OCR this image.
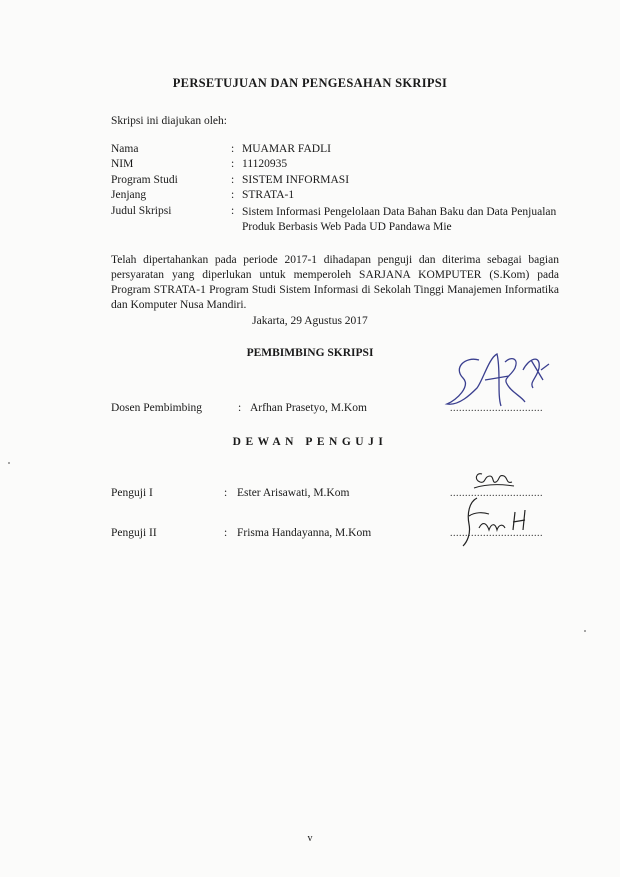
PERSETUJUAN DAN PENGESAHAN SKRIPSI
Skripsi ini diajukan oleh:
Nama	: MUAMAR FADLI
NIM	: 11120935
Program Studi	: SISTEM INFORMASI
Jenjang	: STRATA-1
Judul Skripsi	: Sistem Informasi Pengelolaan Data Bahan Baku dan Data Penjualan Produk Berbasis Web Pada UD Pandawa Mie
Telah dipertahankan pada periode 2017-1 dihadapan penguji dan diterima sebagai bagian persyaratan yang diperlukan untuk memperoleh SARJANA KOMPUTER (S.Kom) pada Program STRATA-1 Program Studi Sistem Informasi di Sekolah Tinggi Manajemen Informatika dan Komputer Nusa Mandiri.
Jakarta, 29 Agustus 2017
PEMBIMBING SKRIPSI
Dosen Pembimbing	: Arfhan Prasetyo, M.Kom	...............................
DEWAN PENGUJI
Penguji I	: Ester Arisawati, M.Kom	...............................
Penguji II	: Frisma Handayanna, M.Kom	...............................
v
